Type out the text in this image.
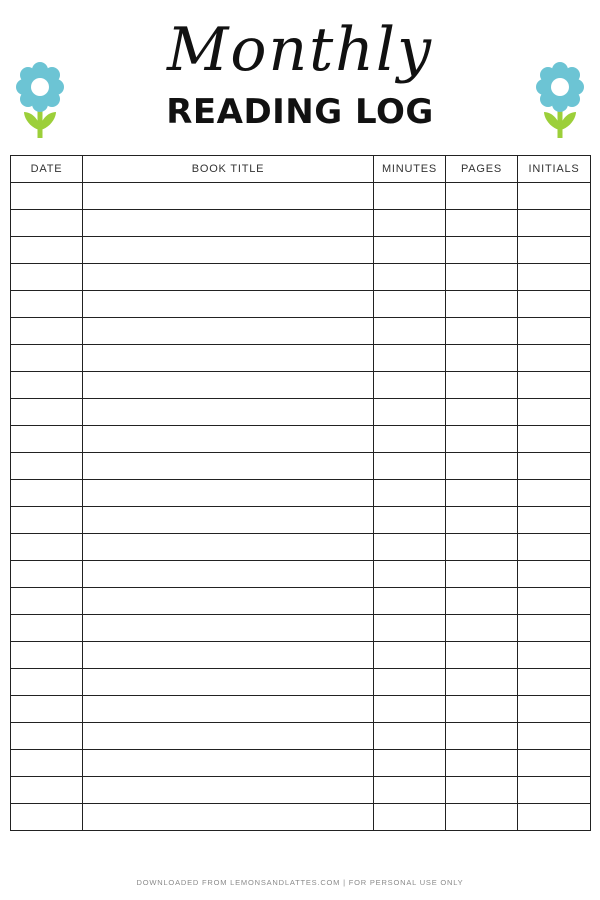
Monthly
READING LOG
DATE	BOOK TITLE	MINUTES	PAGES	INITIALS

DOWNLOADED FROM LEMONSANDLATTES.COM | FOR PERSONAL USE ONLY
